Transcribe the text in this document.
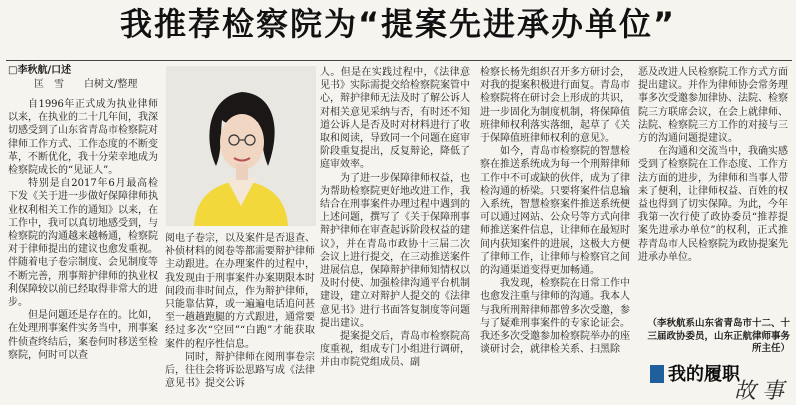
我推荐检察院为“提案先进承办单位”
□李秋航/口述
匡　雪　　白树文/整理

自1996年正式成为执业律师以来，在执业的二十几年间，我深切感受到了山东省青岛市检察院对律师工作方式、工作态度的不断变革，不断优化，我十分荣幸地成为检察院成长的“见证人”。

特别是自2017年6月最高检下发《关于进一步做好保障律师执业权利相关工作的通知》以来，在工作中，我可以真切地感受到，与检察院的沟通越来越畅通，检察院对于律师提出的建议也愈发重视。伴随着电子卷宗制度、会见制度等不断完善，刑事辩护律师的执业权利保障较以前已经取得非常大的进步。

但是问题还是存在的。比如，在处理刑事案件实务当中，刑事案件侦查终结后，案卷何时移送至检察院，何时可以查

阅电子卷宗，以及案件是否退查、补侦材料的阅卷等都需要辩护律师主动跟进。在办理案件的过程中，我发现由于刑事案件办案期限本时间段而非时间点，作为辩护律师，只能靠估算，或一遍遍电话追问甚至一趟趟跑腿的方式跟进，通常要经过多次“空回”“白跑”才能获取案件的程序性信息。

同时，辩护律师在阅刑事卷宗后，往往会将诉讼思路写成《法律意见书》提交公诉

人。但是在实践过程中，《法律意见书》实际需提交给检察院案管中心，辩护律师无法及时了解公诉人对相关意见采纳与否，有时还不知道公诉人是否及时对材料进行了收取和阅读，导致同一个问题在庭审阶段重复提出，反复辩论，降低了庭审效率。

为了进一步保障律师权益，也为帮助检察院更好地改进工作，我结合在刑事案件办理过程中遇到的上述问题，撰写了《关于保障刑事辩护律师在审查起诉阶段权益的建议》，并在青岛市政协十三届二次会议上进行提交，在三动推送案件进展信息，保障辩护律师知情权以及时付使、加强检律沟通平台机制建设，建立对辩护人提交的《法律意见书》进行书面答复制度等问题提出建议。

提案提交后，青岛市检察院高度重视，组成专门小组进行调研，并由市院党组成员、副

检察长杨先组织召开多方研讨会，对我的提案积极进行面复。青岛市检察院将在研讨会上形成的共识，进一步固化为制度机制，将保障值班律师权利落实落细，起草了《关于保障值班律师权利的意见》。

如今，青岛市检察院的智慧检察在推送系统成为每一个刑辩律师工作中不可或缺的伙伴，成为了律检沟通的桥梁。只要将案件信息输入系统，智慧检察案件推送系统便可以通过网站、公众号等方式向律师推送案件信息，让律师在最短时间内获知案件的进展，这极大方便了律师工作，让律师与检察官之间的沟通渠道变得更加畅通。

我发现，检察院在日常工作中也愈发注重与律师的沟通。我本人与我所刑辩律师都曾多次受邀，参与了疑难刑事案件的专家论证会。我还多次受邀参加检察院举办的座谈研讨会，就律检关系、扫黑除

恶及改进人民检察院工作方式方面提出建议。并作为律师协会常务理事多次受邀参加律协、法院、检察院三方联席会议，在会上就律师、法院、检察院三方工作的对接与三方的沟通问题提建议。

在沟通和交流当中，我确实感受到了检察院在工作态度、工作方法方面的进步，为律师和当事人带来了便利，让律师权益、百姓的权益也得到了切实保障。为此，今年我第一次行使了政协委员“推荐提案先进承办单位”的权利，正式推荐青岛市人民检察院为政协提案先进承办单位。

（李秋航系山东省青岛市十二、十三届政协委员，山东正航律师事务所主任）
我的履职
故事
